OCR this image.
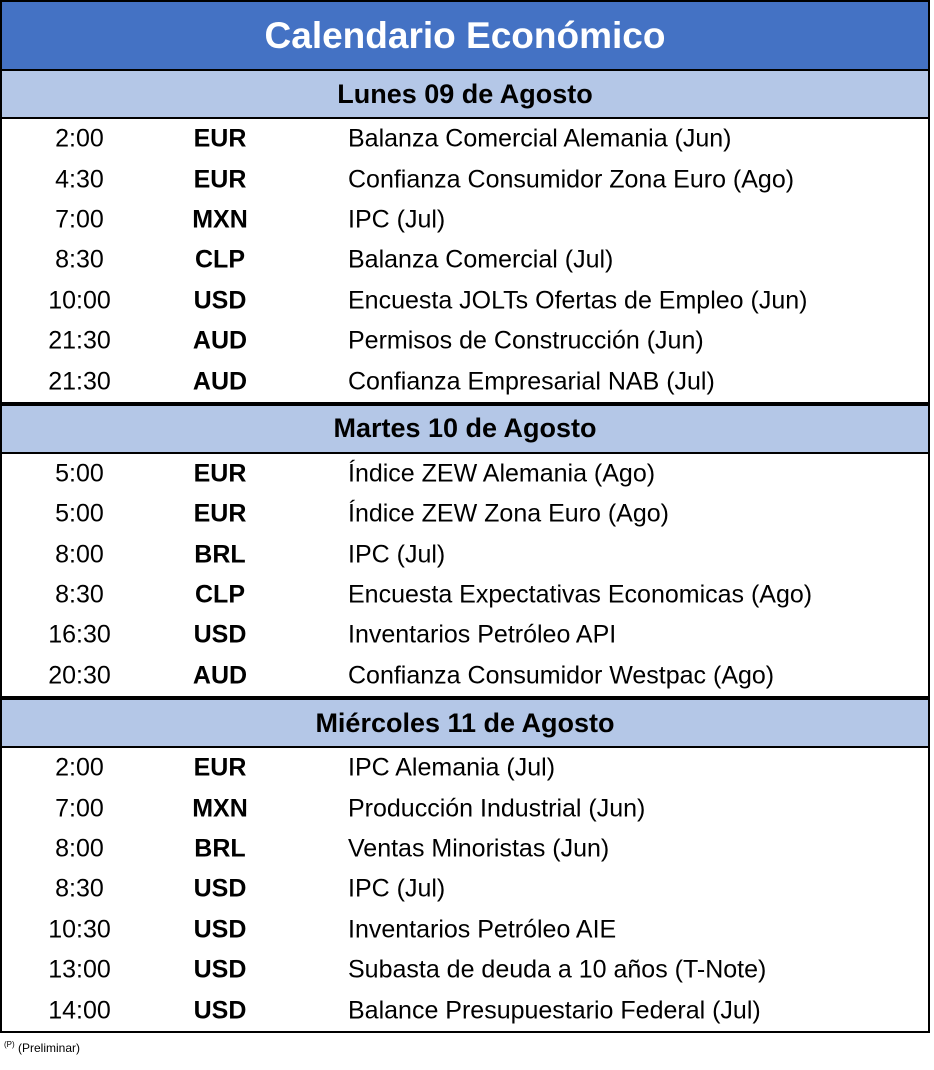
Calendario Económico
Lunes 09 de Agosto
2:00	EUR	Balanza Comercial Alemania (Jun)
4:30	EUR	Confianza Consumidor Zona Euro (Ago)
7:00	MXN	IPC (Jul)
8:30	CLP	Balanza Comercial (Jul)
10:00	USD	Encuesta JOLTs Ofertas de Empleo (Jun)
21:30	AUD	Permisos de Construcción (Jun)
21:30	AUD	Confianza Empresarial NAB (Jul)
Martes 10 de Agosto
5:00	EUR	Índice ZEW Alemania (Ago)
5:00	EUR	Índice ZEW Zona Euro (Ago)
8:00	BRL	IPC (Jul)
8:30	CLP	Encuesta Expectativas Economicas (Ago)
16:30	USD	Inventarios Petróleo API
20:30	AUD	Confianza Consumidor Westpac (Ago)
Miércoles 11 de Agosto
2:00	EUR	IPC Alemania (Jul)
7:00	MXN	Producción Industrial (Jun)
8:00	BRL	Ventas Minoristas (Jun)
8:30	USD	IPC (Jul)
10:30	USD	Inventarios Petróleo AIE
13:00	USD	Subasta de deuda a 10 años (T-Note)
14:00	USD	Balance Presupuestario Federal (Jul)
$^{(P)}$ (Preliminar)
